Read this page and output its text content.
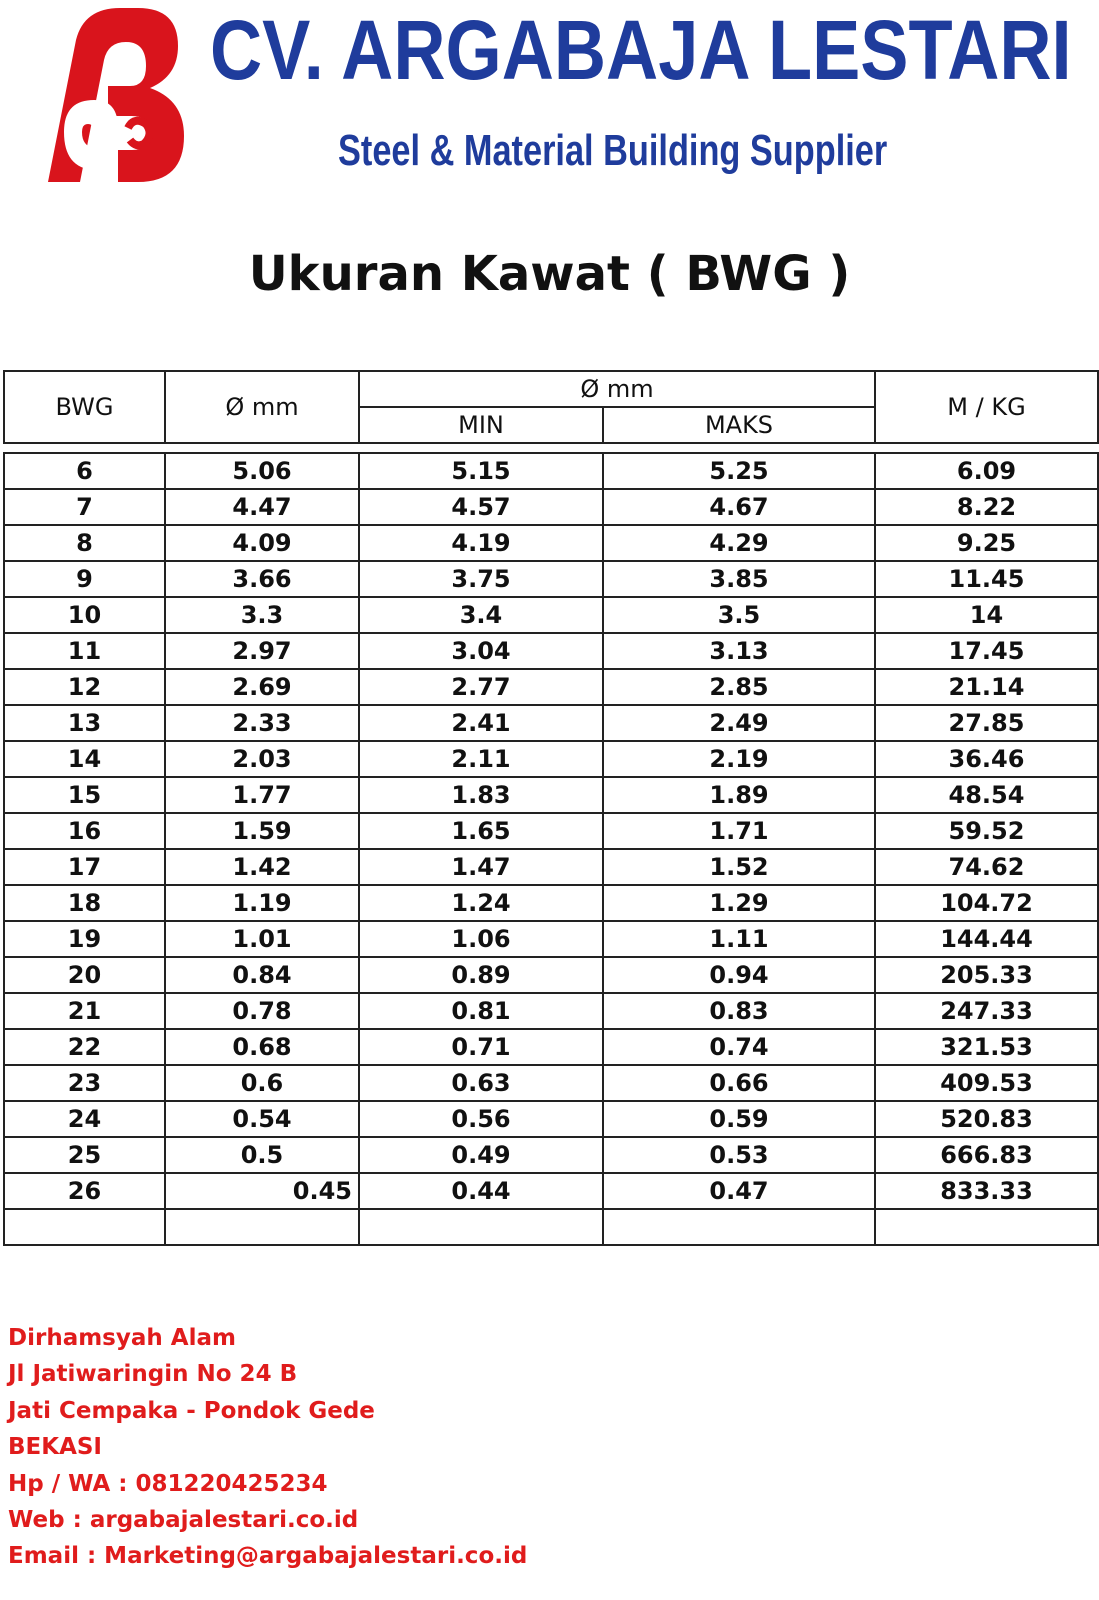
CV. ARGABAJA LESTARI
Steel & Material Building Supplier
Ukuran Kawat ( BWG )
BWG	Ø mm	Ø mm		M / KG
		MIN	MAKS	

6	5.06	5.15	5.25	6.09
7	4.47	4.57	4.67	8.22
8	4.09	4.19	4.29	9.25
9	3.66	3.75	3.85	11.45
10	3.3	3.4	3.5	14
11	2.97	3.04	3.13	17.45
12	2.69	2.77	2.85	21.14
13	2.33	2.41	2.49	27.85
14	2.03	2.11	2.19	36.46
15	1.77	1.83	1.89	48.54
16	1.59	1.65	1.71	59.52
17	1.42	1.47	1.52	74.62
18	1.19	1.24	1.29	104.72
19	1.01	1.06	1.11	144.44
20	0.84	0.89	0.94	205.33
21	0.78	0.81	0.83	247.33
22	0.68	0.71	0.74	321.53
23	0.6	0.63	0.66	409.53
24	0.54	0.56	0.59	520.83
25	0.5	0.49	0.53	666.83
26	0.45	0.44	0.47	833.33

Dirhamsyah Alam
Jl Jatiwaringin No 24 B
Jati Cempaka - Pondok Gede
BEKASI
Hp / WA : 081220425234
Web : argabajalestari.co.id
Email : Marketing@argabajalestari.co.id
